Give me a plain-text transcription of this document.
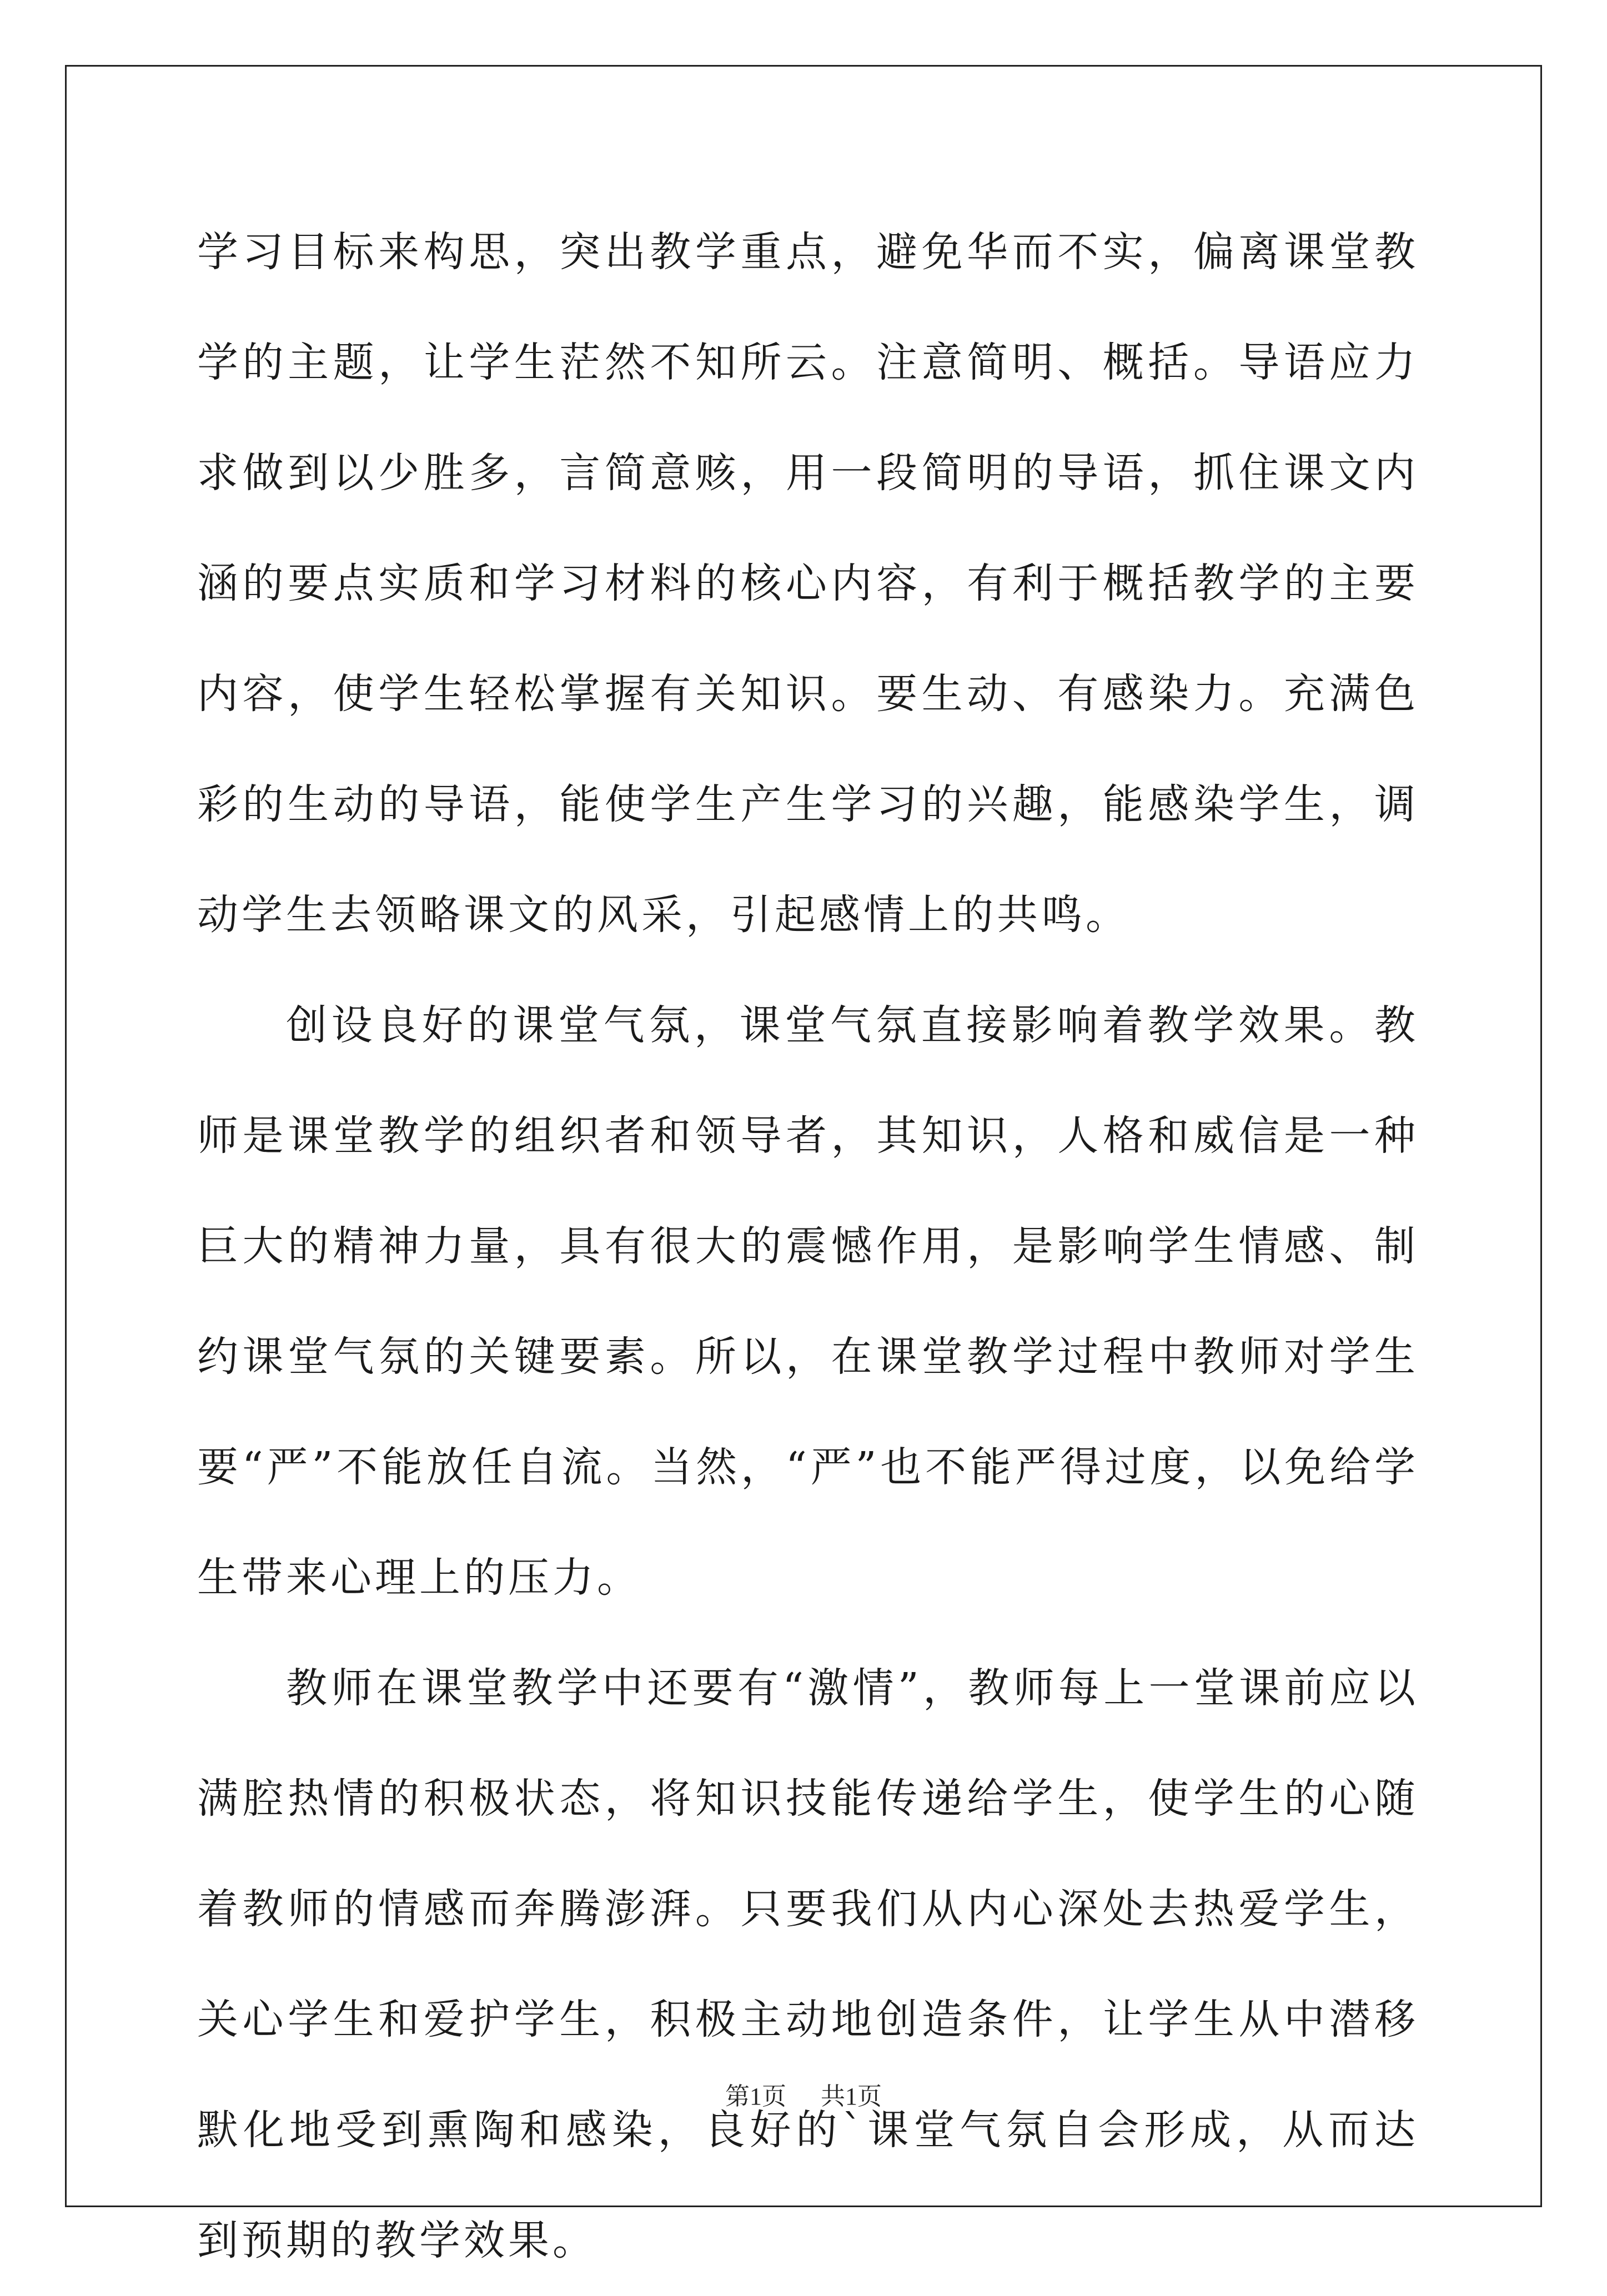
学习目标来构思，突出教学重点，避免华而不实，偏离课堂教学的主题，让学生茫然不知所云。注意简明、概括。导语应力求做到以少胜多，言简意赅，用一段简明的导语，抓住课文内涵的要点实质和学习材料的核心内容，有利于概括教学的主要内容，使学生轻松掌握有关知识。要生动、有感染力。充满色彩的生动的导语，能使学生产生学习的兴趣，能感染学生，调动学生去领略课文的风采，引起感情上的共鸣。

创设良好的课堂气氛，课堂气氛直接影响着教学效果。教师是课堂教学的组织者和领导者，其知识，人格和威信是一种巨大的精神力量，具有很大的震憾作用，是影响学生情感、制约课堂气氛的关键要素。所以，在课堂教学过程中教师对学生要“严”不能放任自流。当然，“严”也不能严得过度，以免给学生带来心理上的压力。

教师在课堂教学中还要有“激情”，教师每上一堂课前应以满腔热情的积极状态，将知识技能传递给学生，使学生的心随着教师的情感而奔腾澎湃。只要我们从内心深处去热爱学生，关心学生和爱护学生，积极主动地创造条件，让学生从中潜移默化地受到熏陶和感染，良好的`课堂气氛自会形成，从而达到预期的教学效果。

第1页 共1页
